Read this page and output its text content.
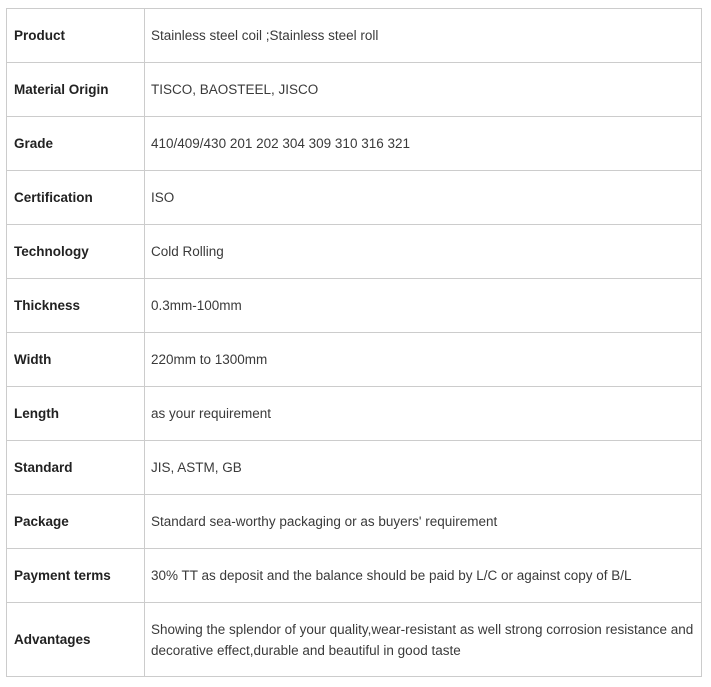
Product	Stainless steel coil ;Stainless steel roll
Material Origin	TISCO, BAOSTEEL, JISCO
Grade	410/409/430 201 202 304 309 310 316 321
Certification	ISO
Technology	Cold Rolling
Thickness	0.3mm-100mm
Width	220mm to 1300mm
Length	as your requirement
Standard	JIS, ASTM, GB
Package	Standard sea-worthy packaging or as buyers' requirement
Payment terms	30% TT as deposit and the balance should be paid by L/C or against copy of B/L
Advantages	Showing the splendor of your quality,wear-resistant as well strong corrosion resistance and decorative effect,durable and beautiful in good taste
